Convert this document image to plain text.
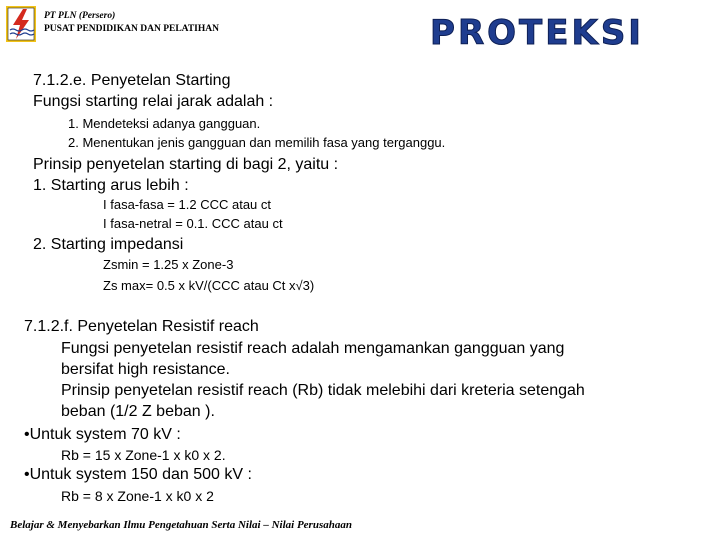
PT PLN (Persero)
PUSAT PENDIDIKAN DAN PELATIHAN	PROTEKSI
7.1.2.e. Penyetelan Starting
Fungsi starting relai jarak adalah :
1. Mendeteksi adanya gangguan.
2. Menentukan jenis gangguan dan memilih fasa yang terganggu.
Prinsip penyetelan starting di bagi 2, yaitu :
1. Starting arus lebih :
I fasa-fasa = 1.2 CCC atau ct
I fasa-netral = 0.1. CCC atau ct
2. Starting impedansi
Zsmin = 1.25 x Zone-3
Zs max= 0.5 x kV/(CCC atau Ct x√3)
7.1.2.f. Penyetelan Resistif reach
Fungsi penyetelan resistif reach adalah mengamankan gangguan yang
bersifat high resistance.
Prinsip penyetelan resistif reach (Rb) tidak melebihi dari kreteria setengah
beban (1/2 Z beban ).
•Untuk system 70 kV :
Rb = 15 x Zone-1 x k0 x 2.
•Untuk system 150 dan 500 kV :
Rb = 8 x Zone-1 x k0 x 2
Belajar & Menyebarkan Ilmu Pengetahuan Serta Nilai – Nilai Perusahaan
